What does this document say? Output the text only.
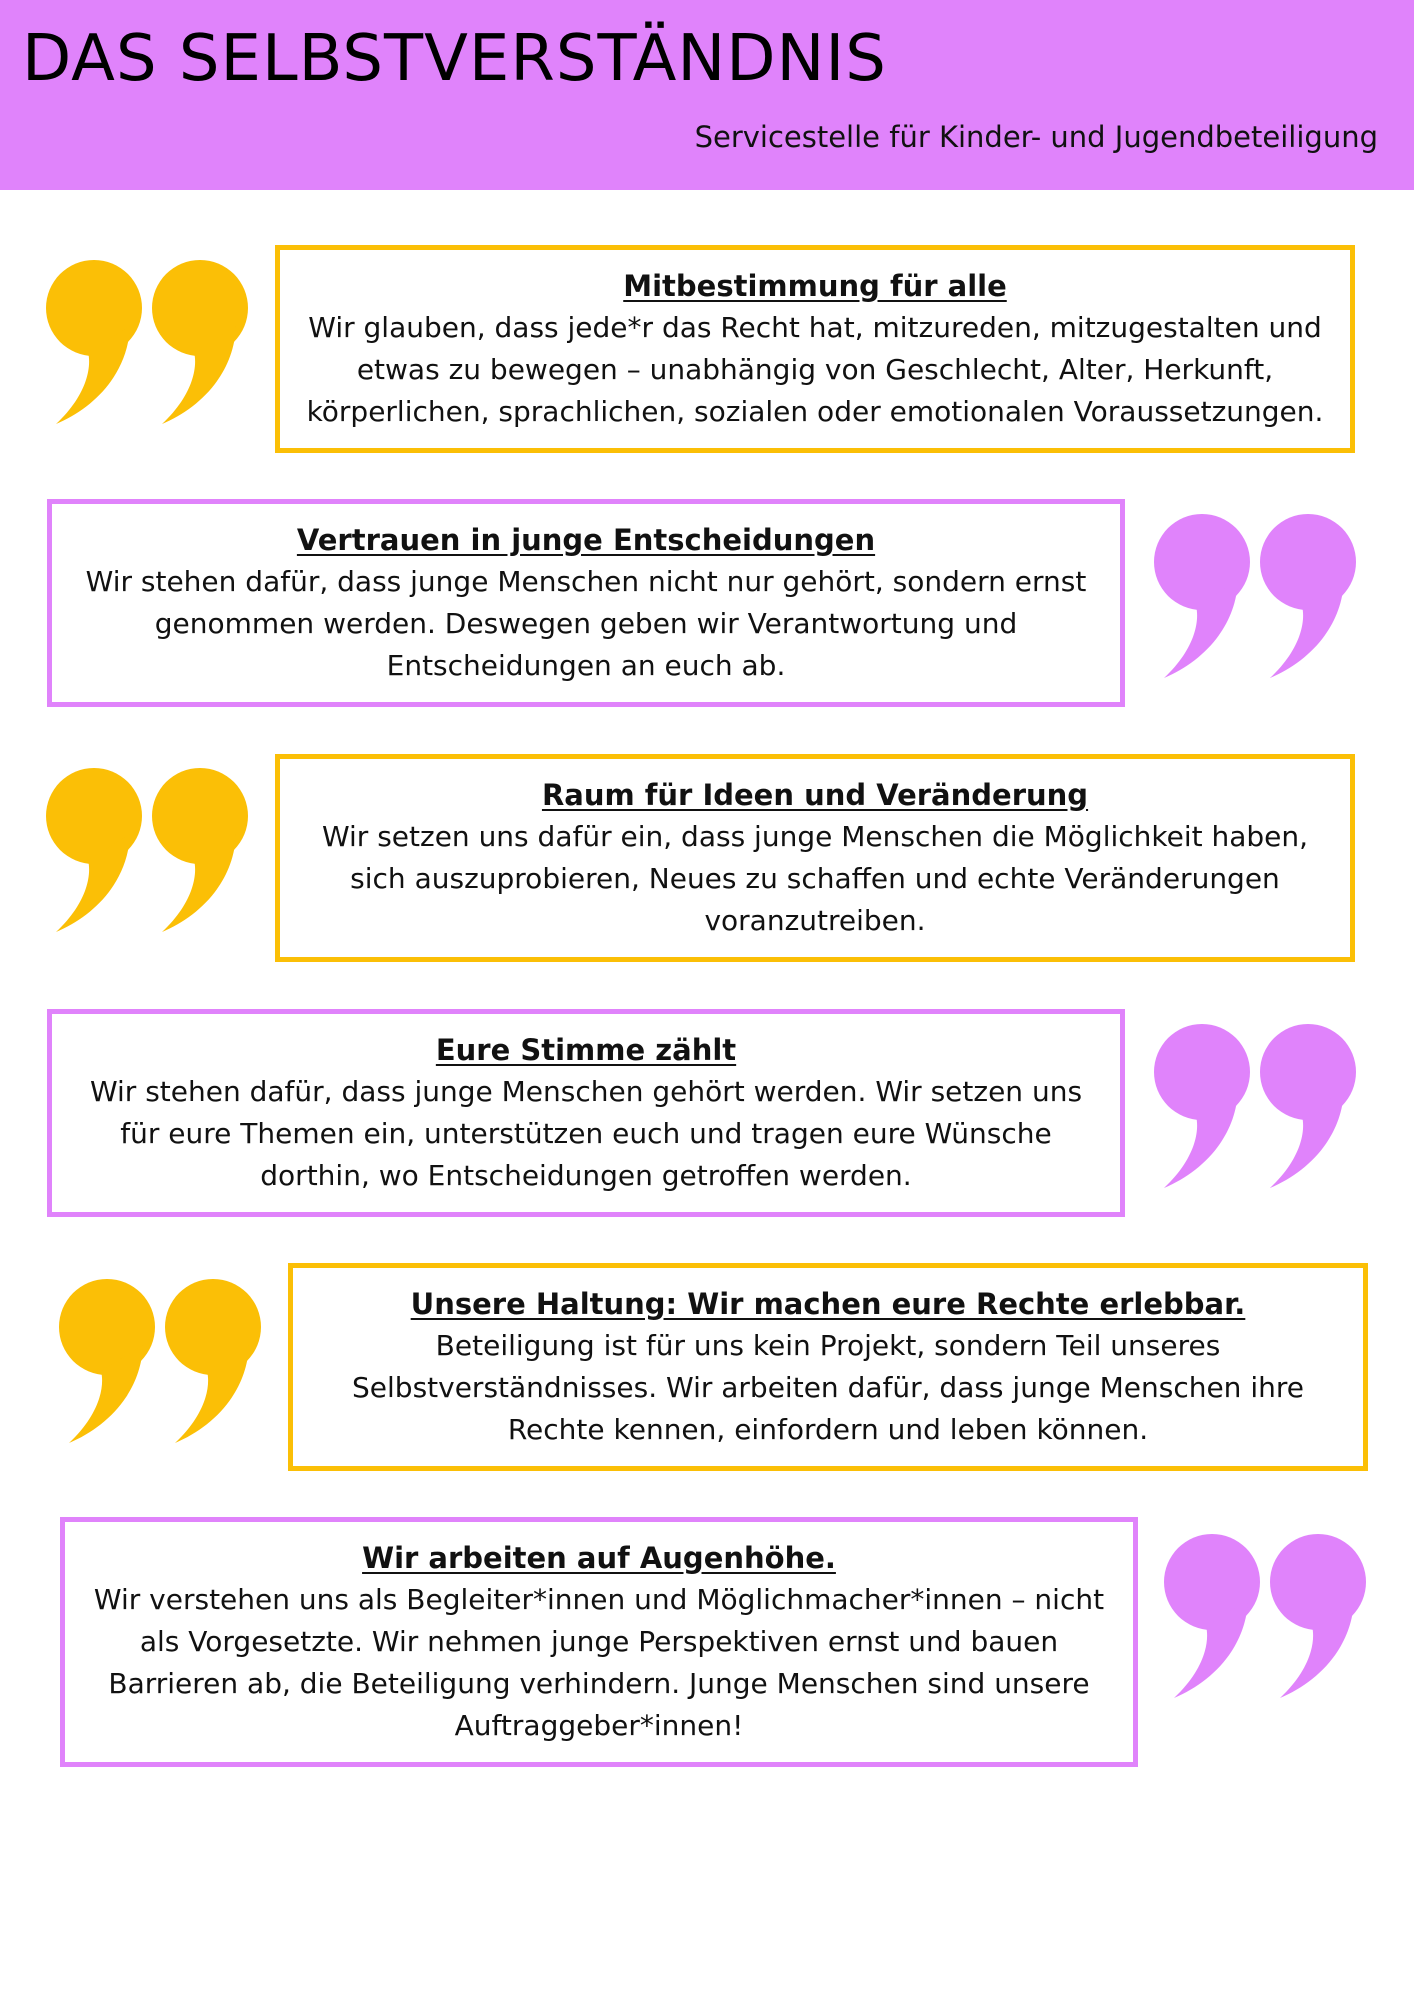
DAS SELBSTVERSTÄNDNIS
Servicestelle für Kinder- und Jugendbeteiligung
Mitbestimmung für alle
Wir glauben, dass jede*r das Recht hat, mitzureden, mitzugestalten und etwas zu bewegen – unabhängig von Geschlecht, Alter, Herkunft, körperlichen, sprachlichen, sozialen oder emotionalen Voraussetzungen.
Vertrauen in junge Entscheidungen
Wir stehen dafür, dass junge Menschen nicht nur gehört, sondern ernst genommen werden. Deswegen geben wir Verantwortung und Entscheidungen an euch ab.
Raum für Ideen und Veränderung
Wir setzen uns dafür ein, dass junge Menschen die Möglichkeit haben, sich auszuprobieren, Neues zu schaffen und echte Veränderungen voranzutreiben.
Eure Stimme zählt
Wir stehen dafür, dass junge Menschen gehört werden. Wir setzen uns für eure Themen ein, unterstützen euch und tragen eure Wünsche dorthin, wo Entscheidungen getroffen werden.
Unsere Haltung: Wir machen eure Rechte erlebbar.
Beteiligung ist für uns kein Projekt, sondern Teil unseres Selbstverständnisses. Wir arbeiten dafür, dass junge Menschen ihre Rechte kennen, einfordern und leben können.
Wir arbeiten auf Augenhöhe.
Wir verstehen uns als Begleiter*innen und Möglichmacher*innen – nicht als Vorgesetzte. Wir nehmen junge Perspektiven ernst und bauen Barrieren ab, die Beteiligung verhindern. Junge Menschen sind unsere Auftraggeber*innen!
